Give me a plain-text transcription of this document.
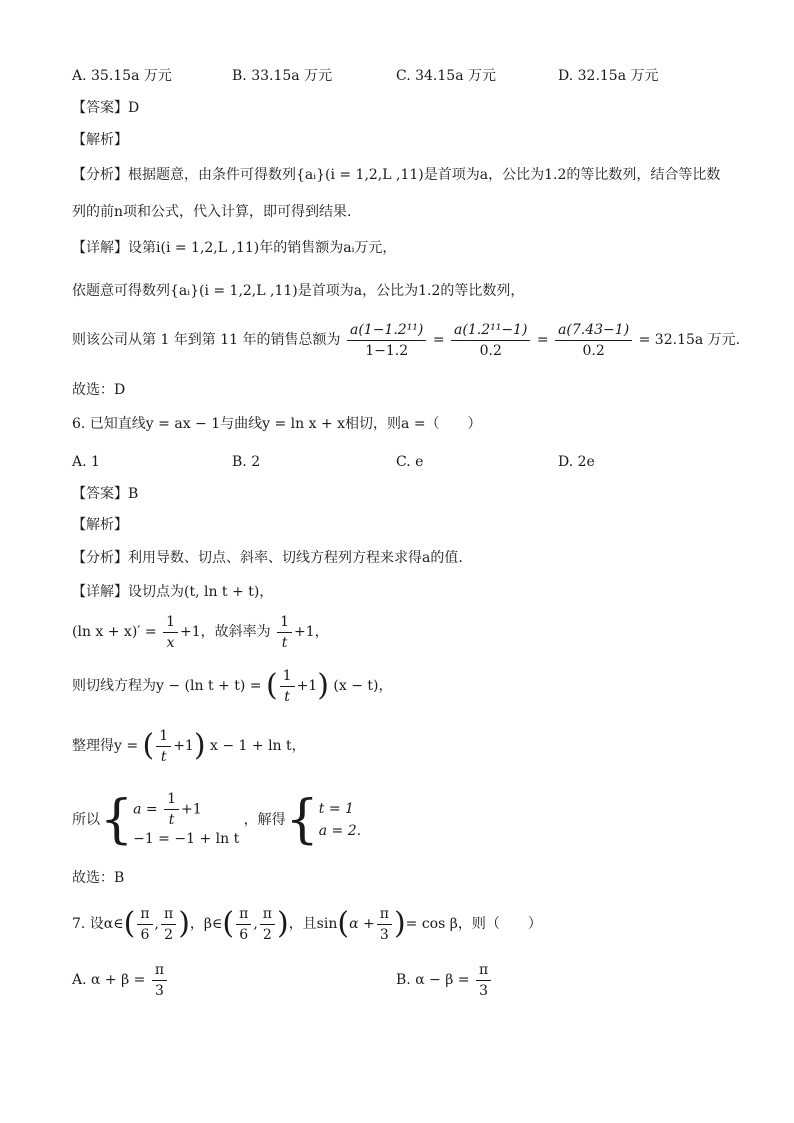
A. 35.15a 万元	B. 33.15a 万元	C. 34.15a 万元	D. 32.15a 万元
【答案】D
【解析】
【分析】根据题意，由条件可得数列{aᵢ}(i = 1,2,L ,11)是首项为a，公比为1.2的等比数列，结合等比数
列的前n项和公式，代入计算，即可得到结果.
【详解】设第i(i = 1,2,L ,11)年的销售额为aᵢ万元，
依题意可得数列{aᵢ}(i = 1,2,L ,11)是首项为a，公比为1.2的等比数列，
则该公司从第 1 年到第 11 年的销售总额为 $\frac{\text{a(1−1.2¹¹)}}{1-1.2} = \frac{\text{a(1.2¹¹−1)}}{0.2} = \frac{a(7.43-1)}{0.2} = 32.15a$ 万元.
故选：D
6. 已知直线y = ax − 1与曲线y = ln x + x相切，则a =（　　）
A. 1	B. 2	C. e	D. 2e
【答案】B
【解析】
【分析】利用导数、切点、斜率、切线方程列方程来求得a的值.
【详解】设切点为(t, ln t + t)，
(ln $x + x)' = \frac{1}{x} +1$，故斜率为 $\frac{1}{t} +1$，
则切线方程为y − (ln t + t) = ( $\frac{1}{t} +1$) (x − t)，
整理得y = ( $\frac{1}{t} +1$) x − 1 + ln t，
所以{ $a = \frac{1}{t} +1$
−1 = −1 + ln t
，解得{ t = 1
a = 2.
故选：B
7. 设α∈( $\frac{\pi}{6}$ , $\frac{\pi}{2}$ )，β∈( $\frac{\pi}{6}$ , $\frac{\pi}{2}$ )，且$\sin(\alpha + \frac{\pi}{3}$ )= cos β，则（　　）
A. $\alpha + \beta = \frac{\pi}{3}$	B. $\alpha - \beta = \frac{\pi}{3}$
